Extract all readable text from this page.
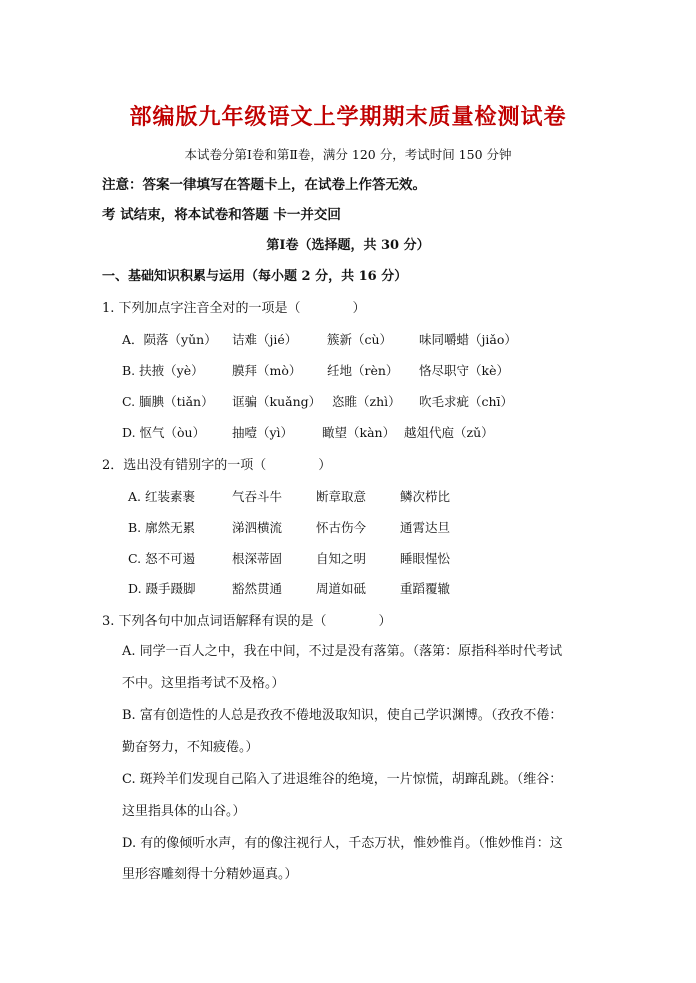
部编版九年级语文上学期期末质量检测试卷
本试卷分第Ⅰ卷和第Ⅱ卷，满分 120 分，考试时间 150 分钟
注意：答案一律填写在答题卡上，在试卷上作答无效。
考 试结束，将本试卷和答题 卡一并交回
第Ⅰ卷（选择题，共 30 分）
一、基础知识积累与运用（每小题 2 分，共 16 分）
1. 下列加点字注音全对的一项是（　　　　）
A．陨落（yǔn） 诘难（jié） 簇新（cù） 味同嚼蜡（jiǎo）
B. 扶掖（yè） 膜拜（mò） 纴地（rèn） 恪尽职守（kè）
C. 腼腆（tiǎn） 诓骗（kuǎng） 恣睢（zhì） 吹毛求疵（chī）
D. 怄气（òu） 抽噎（yì） 瞰望（kàn） 越俎代庖（zǔ）
2．选出没有错别字的一项（　　　　）
A. 红装素裹	气吞斗牛	断章取意	鳞次栉比
B. 廓然无累	涕泗横流	怀古伤今	通霄达旦
C. 怒不可遏	根深蒂固	自知之明	睡眼惺忪
D. 蹑手蹑脚	豁然贯通	周道如砥	重蹈覆辙
3. 下列各句中加点词语解释有误的是（　　　　）
A. 同学一百人之中，我在中间，不过是没有落第。（落第：原指科举时代考试
不中。这里指考试不及格。）
B. 富有创造性的人总是孜孜不倦地汲取知识，使自己学识渊博。（孜孜不倦：
勤奋努力，不知疲倦。）
C. 斑羚羊们发现自己陷入了进退维谷的绝境，一片惊慌，胡蹿乱跳。（维谷：
这里指具体的山谷。）
D. 有的像倾听水声，有的像注视行人，千态万状，惟妙惟肖。（惟妙惟肖：这
里形容雕刻得十分精妙逼真。）
